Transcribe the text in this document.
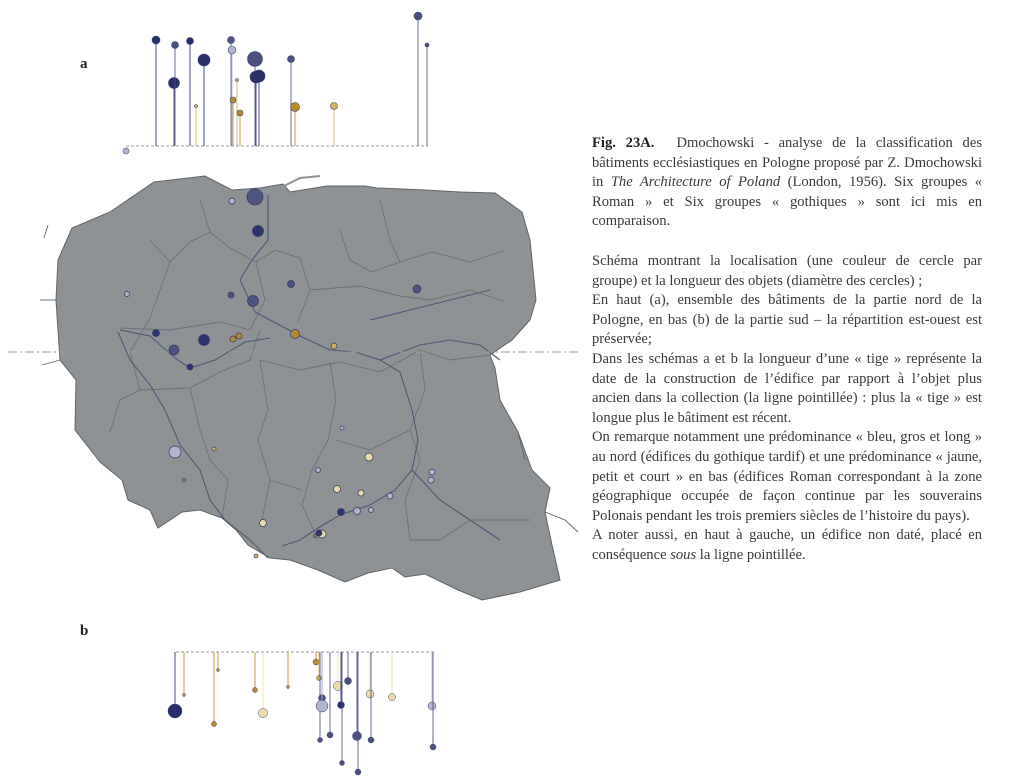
a
b

Fig. 23A. Dmochowski - analyse de la classification des bâtiments ecclésiastiques en Pologne proposé par Z. Dmochowski in The Architecture of Poland (London, 1956). Six groupes « Roman » et Six groupes « gothiques » sont ici mis en comparaison.

Schéma montrant la localisation (une couleur de cercle par groupe) et la longueur des objets (diamètre des cercles) ;

En haut (a), ensemble des bâtiments de la partie nord de la Pologne, en bas (b) de la partie sud – la répartition est-ouest est préservée;

Dans les schémas a et b la longueur d’une « tige » représente la date de la construction de l’édifice par rapport à l’objet plus ancien dans la collection (la ligne pointillée) : plus la « tige » est longue plus le bâtiment est récent.

On remarque notamment une prédominance « bleu, gros et long » au nord (édifices du gothique tardif) et une prédominance « jaune, petit et court » en bas (édifices Roman correspondant à la zone géographique occupée de façon continue par les souverains Polonais pendant les trois premiers siècles de l’histoire du pays).

A noter aussi, en haut à gauche, un édifice non daté, placé en conséquence sous la ligne pointillée.
